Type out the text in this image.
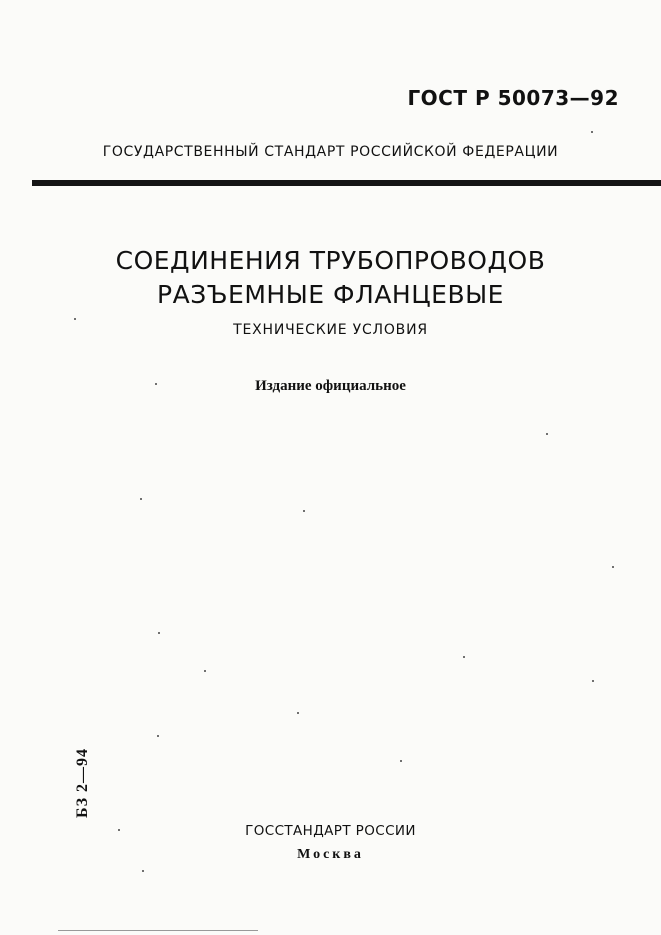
ГОСТ Р 50073—92
ГОСУДАРСТВЕННЫЙ СТАНДАРТ РОССИЙСКОЙ ФЕДЕРАЦИИ
СОЕДИНЕНИЯ ТРУБОПРОВОДОВ
РАЗЪЕМНЫЕ ФЛАНЦЕВЫЕ
ТЕХНИЧЕСКИЕ УСЛОВИЯ
Издание официальное
БЗ 2—94
ГОССТАНДАРТ РОССИИ
Москва
